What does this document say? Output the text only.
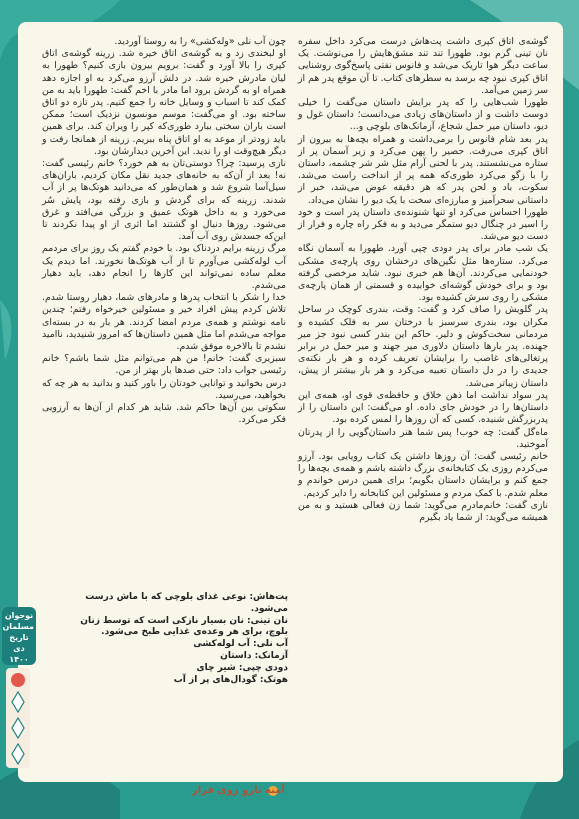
گوشه‌ی اتاق کپری داشت پت‌هاش درست می‌کرد داخل سفره نان تینی گرم بود. طهورا تند تند مشق‌هایش را می‌نوشت. یک ساعت دیگر هوا تاریک می‌شد و فانوس نفتی پاسخ‌گوی روشنایی اتاق کپری نبود چه برسد به سطرهای کتاب. تا آن موقع پدر هم از سر زمین می‌آمد.

طهورا شب‌هایی را که پدر برایش داستان می‌گفت را خیلی دوست داشت و از داستان‌های زیادی می‌دانست؛ داستان غول و دیو، داستان میر حمل شجاع، آزمانک‌های بلوچی و...

پدر بعد شام فانوس را برمی‌داشت و همراه بچه‌ها به بیرون از اتاق کپری می‌رفت. حصیر را پهن می‌کرد و زیر آسمان پر از ستاره می‌نشستند. پدر با لحنی آرام مثل شر شر چشمه، داستان را با زگو می‌کرد طوری‌که همه پر از انداخت راست می‌شد. سکوت، باد و لحن پدر که هر دقیقه عوض می‌شد، خبر از داستانی سحرآمیز و مبارزه‌ای سخت با یک دیو را نشان می‌داد.

طهورا احساس می‌کرد او تنها شنونده‌ی داستان پدر است و خود را اسیر در چنگال دیو ستمگر می‌دید و به فکر راه چاره و فرار از دست دیو می‌شد.

یک شب مادر برای پدر دودی چپی آورد. طهورا به آسمان نگاه می‌کرد. ستاره‌ها مثل نگین‌های درخشان روی پارچه‌ی مشکی خودنمایی می‌کردند. آن‌ها هم خبری نبود. شاید مرخصی گرفته بود و برای خودش گوشه‌ای خوابیده و قسمتی از همان پارچه‌ی مشکی را روی سرش کشیده بود.

پدر گلویش را صاف کرد و گفت: وقت، بندری کوچک در ساحل مکران بود، بندری سرسبز با درختان سر به فلک کشیده و مردمانی سخت‌کوش و دلیر. حاکم این بندر کسی نبود جز میر جهنده. پدر بارها داستان دلاوری میر جهند و میر حمل در برابر پرتغالی‌های غاصب را برایشان تعریف کرده و هر بار نکته‌ی جدیدی را در دل داستان تعبیه می‌کرد و هر بار بیشتر از پیش، داستان زیباتر می‌شد.

پدر سواد نداشت اما ذهن خلاق و حافظه‌ی قوی او، همه‌ی این داستان‌ها را در خودش جای داده. او می‌گفت: این داستان را از پدربزرگش شنیده. کسی که آن روزها را لمس کرده بود.

ماه‌گل گفت: چه خوب! پس شما هنر داستان‌گویی را از پدرتان آموختید.

خانم رئیسی گفت: آن روزها داشتن یک کتاب رویایی بود. آرزو می‌کردم روزی یک کتابخانه‌ی بزرگ داشته باشم و همه‌ی بچه‌ها را جمع کنم و برایشان داستان بگویم؛ برای همین درس خواندم و معلم شدم. با کمک مردم و مسئولین این کتابخانه را دایر کردیم.

نازی گفت: خانم‌مادرم می‌گوید: شما زن فعالی هستید و به من همیشه می‌گوید: از شما یاد بگیرم

چون آب نلی «وله‌کشی» را به روستا آوردید.

او لبخندی زد و به گوشه‌ی اتاق خیره شد. زرینه گوشه‌ی اتاق کپری را بالا آورد و گفت: برویم بیرون بازی کنیم؟ طهورا به لیان مادرش خیره شد. در دلش آرزو می‌کرد به او اجازه دهد همراه او به گردش برود اما مادر با اخم گفت: طهورا باید به من کمک کند تا اسباب و وسایل خانه را جمع کنیم. پدر تازه دو اتاق ساخته بود. او می‌گفت: موسم مونسون نزدیک است؛ ممکن است باران سختی ببارد طوری‌که کپر را ویران کند. برای همین باید زودتر از موعد به او اتاق پناه ببریم. زرینه از همانجا رفت و دیگر هیچ‌وقت او را ندید. این آخرین دیدارشان بود.

نازی پرسید: چرا؟ دوستی‌تان به هم خورد؟ خانم رئیسی گفت: نه! بعد از آن‌که به خانه‌های جدید نقل مکان کردیم، باران‌های سیل‌آسا شروع شد و همان‌طور که می‌دانید هوتک‌ها پر از آب شدند. زرینه که برای گردش و بازی رفته بود، پایش سُر می‌خورد و به داخل هوتک عمیق و بزرگی می‌افتد و غرق می‌شود. روزها دنبال او گشتند اما اثری از او پیدا نکردند تا این‌که جسدش روی آب آمد.

مرگ زرینه برایم دردناک بود. با خودم گفتم یک روز برای مردمم آب لوله‌کشی می‌آورم تا از آب هوتک‌ها نخورند. اما دیدم یک معلم ساده نمی‌تواند این کارها را انجام دهد، باید دهیار می‌شدم.

خدا را شکر با انتخاب پدرها و مادرهای شما، دهیار روستا شدم. تلاش کردم پیش افراد خیر و مسئولین خیرخواه رفتم؛ چندین نامه نوشتم و همه‌ی مردم امضا کردند. هر بار به در بسته‌ای مواجه می‌شدم اما مثل همین داستان‌ها که امروز شنیدید، ناامید نشدم تا بالاخره موفق شدم.

سبزیری گفت: خانم! من هم می‌توانم مثل شما باشم؟ خانم رئیسی جواب داد: حتی صدها بار بهتر از من.

درس بخوانید و توانایی خودتان را باور کنید و بدانید به هر چه که بخواهید، می‌رسید.

سکوتی بین آن‌ها حاکم شد. شاید هر کدام از آن‌ها به آرزویی فکر می‌کرد.

پت‌هاش: نوعی غذای بلوچی که با ماش درست می‌شود.
نان تینی: نان بسیار نازکی است که توسط زنان بلوچ، برای هر وعده‌ی غذایی طبخ می‌شود.
آب نلی: آب لوله‌کشی
آزمانک: داستان
دودی چپی: شیر چای
هوتک: گودال‌های پر از آب
نوجوان مسلمان تاریخ
دی ۱۴۰۰
آمنه تاروِ روی فراز
